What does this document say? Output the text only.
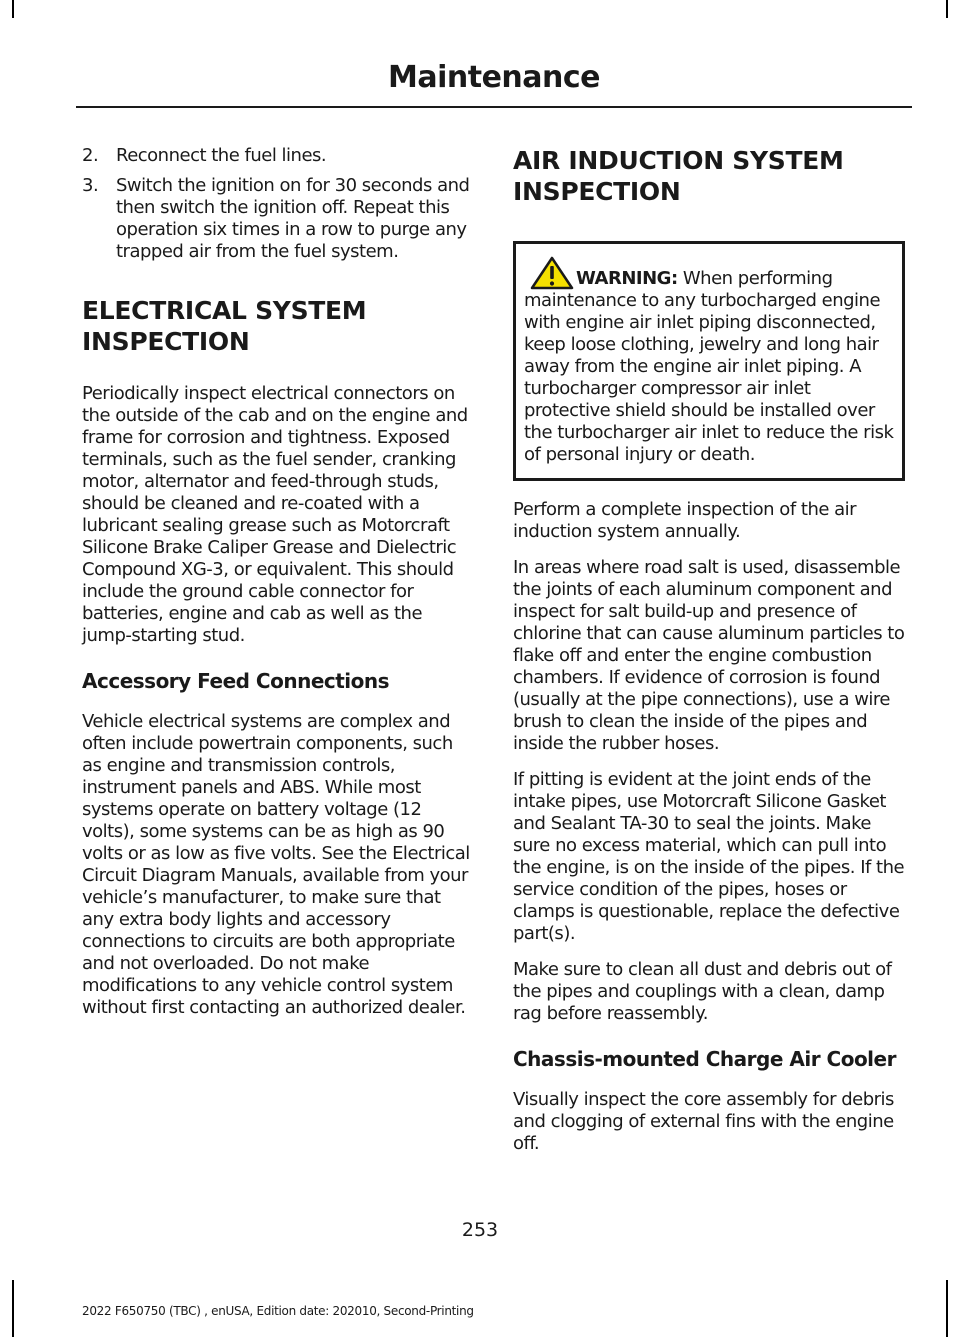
Maintenance
2. Reconnect the fuel lines.
3. Switch the ignition on for 30 seconds and then switch the ignition off. Repeat this operation six times in a row to purge any trapped air from the fuel system.
ELECTRICAL SYSTEM INSPECTION

Periodically inspect electrical connectors on the outside of the cab and on the engine and frame for corrosion and tightness. Exposed terminals, such as the fuel sender, cranking motor, alternator and feed-through studs, should be cleaned and re-coated with a lubricant sealing grease such as Motorcraft Silicone Brake Caliper Grease and Dielectric Compound XG-3, or equivalent. This should include the ground cable connector for batteries, engine and cab as well as the jump-starting stud.

Accessory Feed Connections

Vehicle electrical systems are complex and often include powertrain components, such as engine and transmission controls, instrument panels and ABS. While most systems operate on battery voltage (12 volts), some systems can be as high as 90 volts or as low as five volts. See the Electrical Circuit Diagram Manuals, available from your vehicle’s manufacturer, to make sure that any extra body lights and accessory connections to circuits are both appropriate and not overloaded. Do not make modifications to any vehicle control system without first contacting an authorized dealer.

AIR INDUCTION SYSTEM INSPECTION
WARNING: When performing maintenance to any turbocharged engine with engine air inlet piping disconnected, keep loose clothing, jewelry and long hair away from the engine air inlet piping. A turbocharger compressor air inlet protective shield should be installed over the turbocharger air inlet to reduce the risk of personal injury or death.

Perform a complete inspection of the air induction system annually.

In areas where road salt is used, disassemble the joints of each aluminum component and inspect for salt build-up and presence of chlorine that can cause aluminum particles to flake off and enter the engine combustion chambers. If evidence of corrosion is found (usually at the pipe connections), use a wire brush to clean the inside of the pipes and inside the rubber hoses.

If pitting is evident at the joint ends of the intake pipes, use Motorcraft Silicone Gasket and Sealant TA-30 to seal the joints. Make sure no excess material, which can pull into the engine, is on the inside of the pipes. If the service condition of the pipes, hoses or clamps is questionable, replace the defective part(s).

Make sure to clean all dust and debris out of the pipes and couplings with a clean, damp rag before reassembly.

Chassis-mounted Charge Air Cooler

Visually inspect the core assembly for debris and clogging of external fins with the engine off.

253
2022 F650750 (TBC) , enUSA, Edition date: 202010, Second-Printing
